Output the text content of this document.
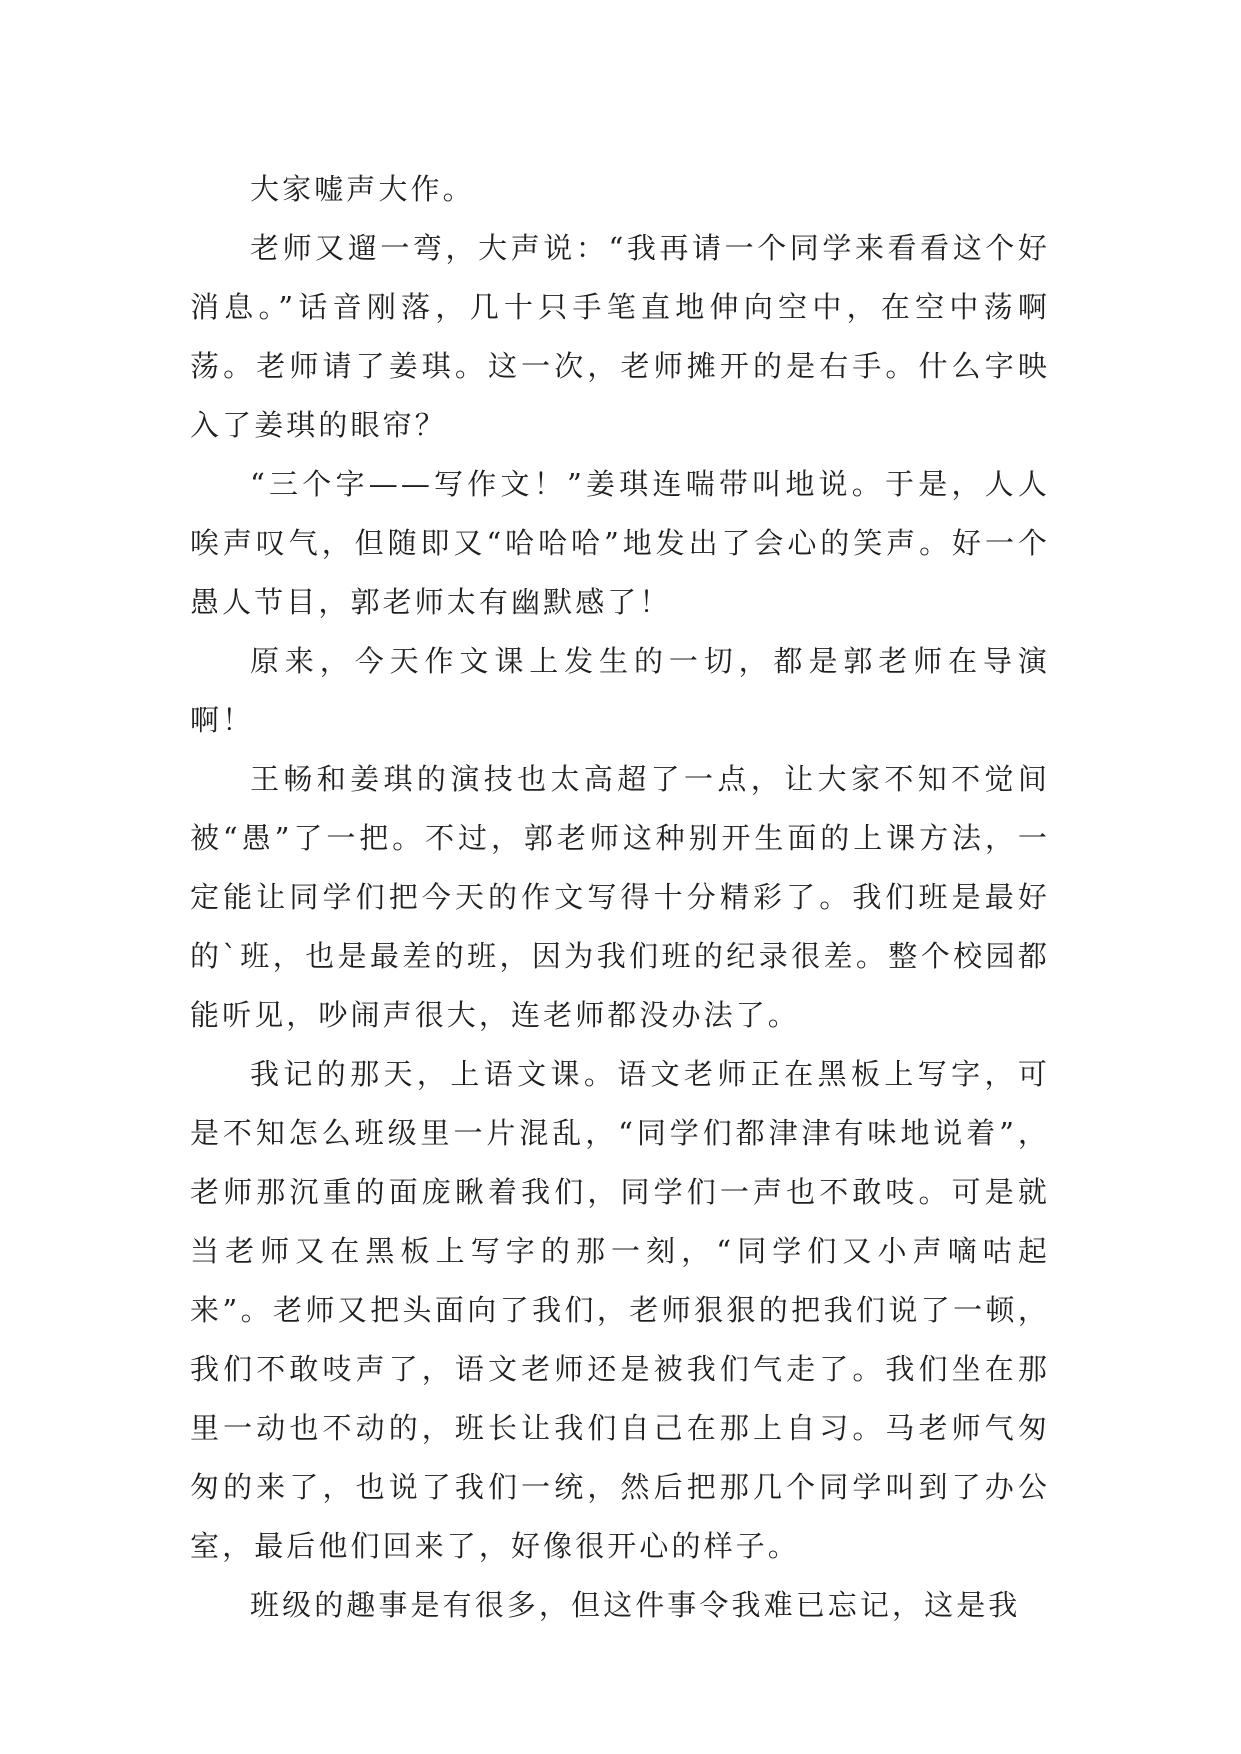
大家嘘声大作。

老师又遛一弯，大声说：“我再请一个同学来看看这个好消息。”话音刚落，几十只手笔直地伸向空中，在空中荡啊荡。老师请了姜琪。这一次，老师摊开的是右手。什么字映入了姜琪的眼帘？

“三个字——写作文！”姜琪连喘带叫地说。于是，人人唉声叹气，但随即又“哈哈哈”地发出了会心的笑声。好一个愚人节目，郭老师太有幽默感了！

原来，今天作文课上发生的一切，都是郭老师在导演啊！

王畅和姜琪的演技也太高超了一点，让大家不知不觉间被“愚”了一把。不过，郭老师这种别开生面的上课方法，一定能让同学们把今天的作文写得十分精彩了。我们班是最好的`班，也是最差的班，因为我们班的纪录很差。整个校园都能听见，吵闹声很大，连老师都没办法了。

我记的那天，上语文课。语文老师正在黑板上写字，可是不知怎么班级里一片混乱，“同学们都津津有味地说着”，老师那沉重的面庞瞅着我们，同学们一声也不敢吱。可是就当老师又在黑板上写字的那一刻，“同学们又小声嘀咕起来”。老师又把头面向了我们，老师狠狠的把我们说了一顿，我们不敢吱声了，语文老师还是被我们气走了。我们坐在那里一动也不动的，班长让我们自己在那上自习。马老师气匆匆的来了，也说了我们一统，然后把那几个同学叫到了办公室，最后他们回来了，好像很开心的样子。

班级的趣事是有很多，但这件事令我难已忘记，这是我
